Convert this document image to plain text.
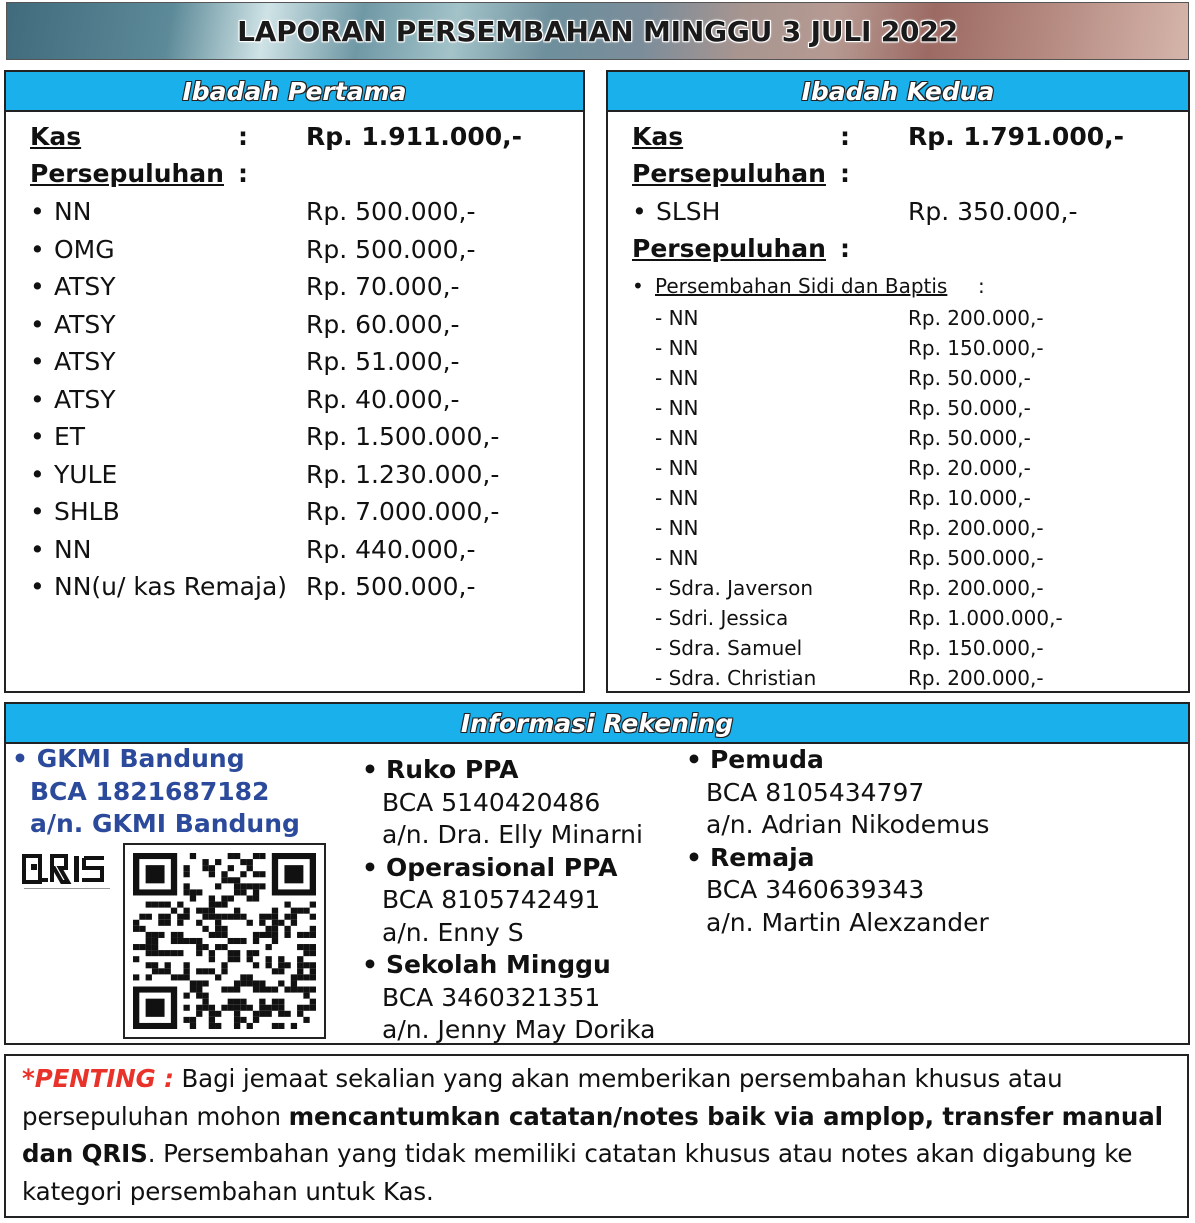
LAPORAN PERSEMBAHAN MINGGU 3 JULI 2022
Ibadah Pertama
Kas	: Rp. 1.911.000,-
Persepuluhan :
• NN	Rp. 500.000,-
• OMG	Rp. 500.000,-
• ATSY	Rp. 70.000,-
• ATSY	Rp. 60.000,-
• ATSY	Rp. 51.000,-
• ATSY	Rp. 40.000,-
• ET	Rp. 1.500.000,-
• YULE	Rp. 1.230.000,-
• SHLB	Rp. 7.000.000,-
• NN	Rp. 440.000,-
• NN(u/ kas Remaja) Rp. 500.000,-
Ibadah Kedua
Kas	: Rp. 1.791.000,-
Persepuluhan :
• SLSH	Rp. 350.000,-
Persepuluhan :
• Persembahan Sidi dan Baptis :
- NN	Rp. 200.000,-
- NN	Rp. 150.000,-
- NN	Rp. 50.000,-
- NN	Rp. 50.000,-
- NN	Rp. 50.000,-
- NN	Rp. 20.000,-
- NN	Rp. 10.000,-
- NN	Rp. 200.000,-
- NN	Rp. 500.000,-
- Sdra. Javerson	Rp. 200.000,-
- Sdri. Jessica	Rp. 1.000.000,-
- Sdra. Samuel	Rp. 150.000,-
- Sdra. Christian	Rp. 200.000,-
Informasi Rekening
• GKMI Bandung
BCA 1821687182
a/n. GKMI Bandung

• Ruko PPA
BCA 5140420486
a/n. Dra. Elly Minarni
• Operasional PPA
BCA 8105742491
a/n. Enny S
• Sekolah Minggu
BCA 3460321351
a/n. Jenny May Dorika
• Pemuda
BCA 8105434797
a/n. Adrian Nikodemus
• Remaja
BCA 3460639343
a/n. Martin Alexzander
*PENTING : Bagi jemaat sekalian yang akan memberikan persembahan khusus atau persepuluhan mohon mencantumkan catatan/notes baik via amplop, transfer manual dan QRIS. Persembahan yang tidak memiliki catatan khusus atau notes akan digabung ke kategori persembahan untuk Kas.
